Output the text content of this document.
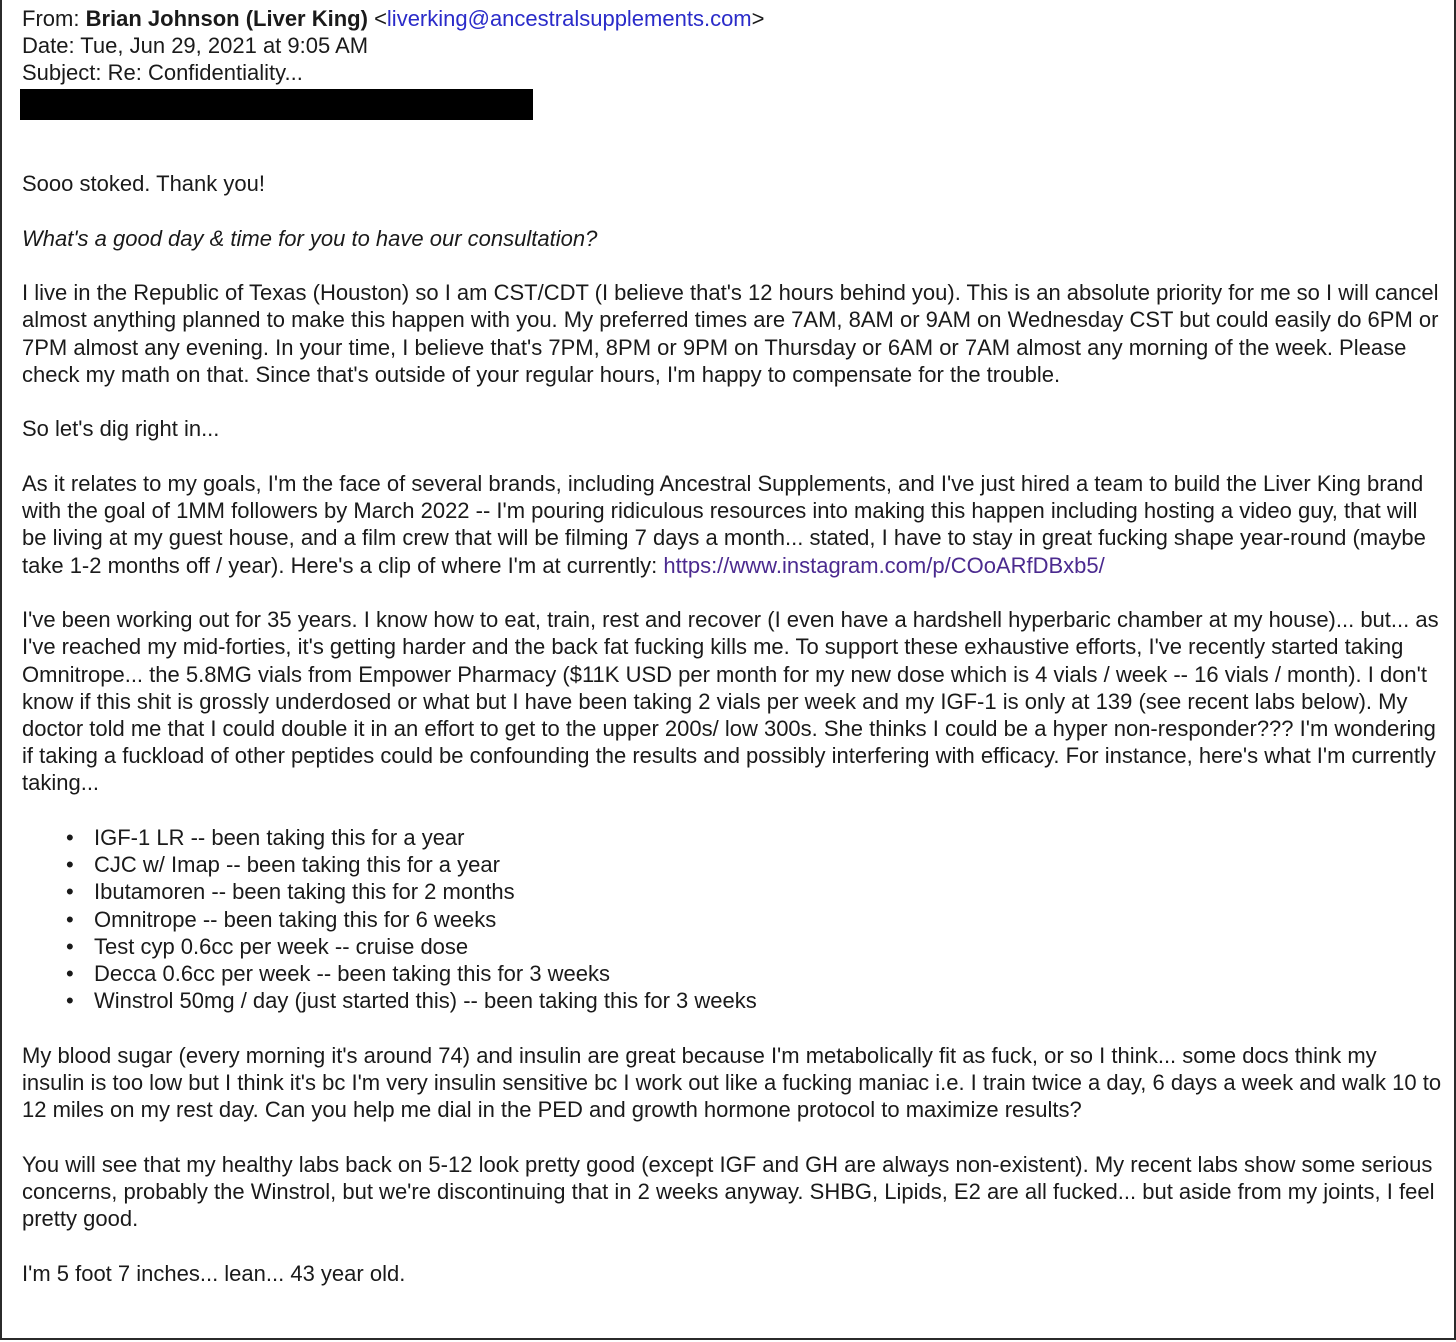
From: Brian Johnson (Liver King) <liverking@ancestralsupplements.com>
Date: Tue, Jun 29, 2021 at 9:05 AM
Subject: Re: Confidentiality...

Sooo stoked. Thank you!

What's a good day & time for you to have our consultation?

I live in the Republic of Texas (Houston) so I am CST/CDT (I believe that's 12 hours behind you). This is an absolute priority for me so I will cancel almost anything planned to make this happen with you. My preferred times are 7AM, 8AM or 9AM on Wednesday CST but could easily do 6PM or 7PM almost any evening. In your time, I believe that's 7PM, 8PM or 9PM on Thursday or 6AM or 7AM almost any morning of the week. Please check my math on that. Since that's outside of your regular hours, I'm happy to compensate for the trouble.

So let's dig right in...

As it relates to my goals, I'm the face of several brands, including Ancestral Supplements, and I've just hired a team to build the Liver King brand with the goal of 1MM followers by March 2022 -- I'm pouring ridiculous resources into making this happen including hosting a video guy, that will be living at my guest house, and a film crew that will be filming 7 days a month... stated, I have to stay in great fucking shape year-round (maybe take 1-2 months off / year). Here's a clip of where I'm at currently: https://www.instagram.com/p/COoARfDBxb5/

I've been working out for 35 years. I know how to eat, train, rest and recover (I even have a hardshell hyperbaric chamber at my house)... but... as I've reached my mid-forties, it's getting harder and the back fat fucking kills me. To support these exhaustive efforts, I've recently started taking Omnitrope... the 5.8MG vials from Empower Pharmacy ($11K USD per month for my new dose which is 4 vials / week -- 16 vials / month). I don't know if this shit is grossly underdosed or what but I have been taking 2 vials per week and my IGF-1 is only at 139 (see recent labs below). My doctor told me that I could double it in an effort to get to the upper 200s/ low 300s. She thinks I could be a hyper non-responder??? I'm wondering if taking a fuckload of other peptides could be confounding the results and possibly interfering with efficacy. For instance, here's what I'm currently taking...

• IGF-1 LR -- been taking this for a year
• CJC w/ Imap -- been taking this for a year
• Ibutamoren -- been taking this for 2 months
• Omnitrope -- been taking this for 6 weeks
• Test cyp 0.6cc per week -- cruise dose
• Decca 0.6cc per week -- been taking this for 3 weeks
• Winstrol 50mg / day (just started this) -- been taking this for 3 weeks

My blood sugar (every morning it's around 74) and insulin are great because I'm metabolically fit as fuck, or so I think... some docs think my insulin is too low but I think it's bc I'm very insulin sensitive bc I work out like a fucking maniac i.e. I train twice a day, 6 days a week and walk 10 to 12 miles on my rest day. Can you help me dial in the PED and growth hormone protocol to maximize results?

You will see that my healthy labs back on 5-12 look pretty good (except IGF and GH are always non-existent). My recent labs show some serious concerns, probably the Winstrol, but we're discontinuing that in 2 weeks anyway. SHBG, Lipids, E2 are all fucked... but aside from my joints, I feel pretty good.

I'm 5 foot 7 inches... lean... 43 year old.
